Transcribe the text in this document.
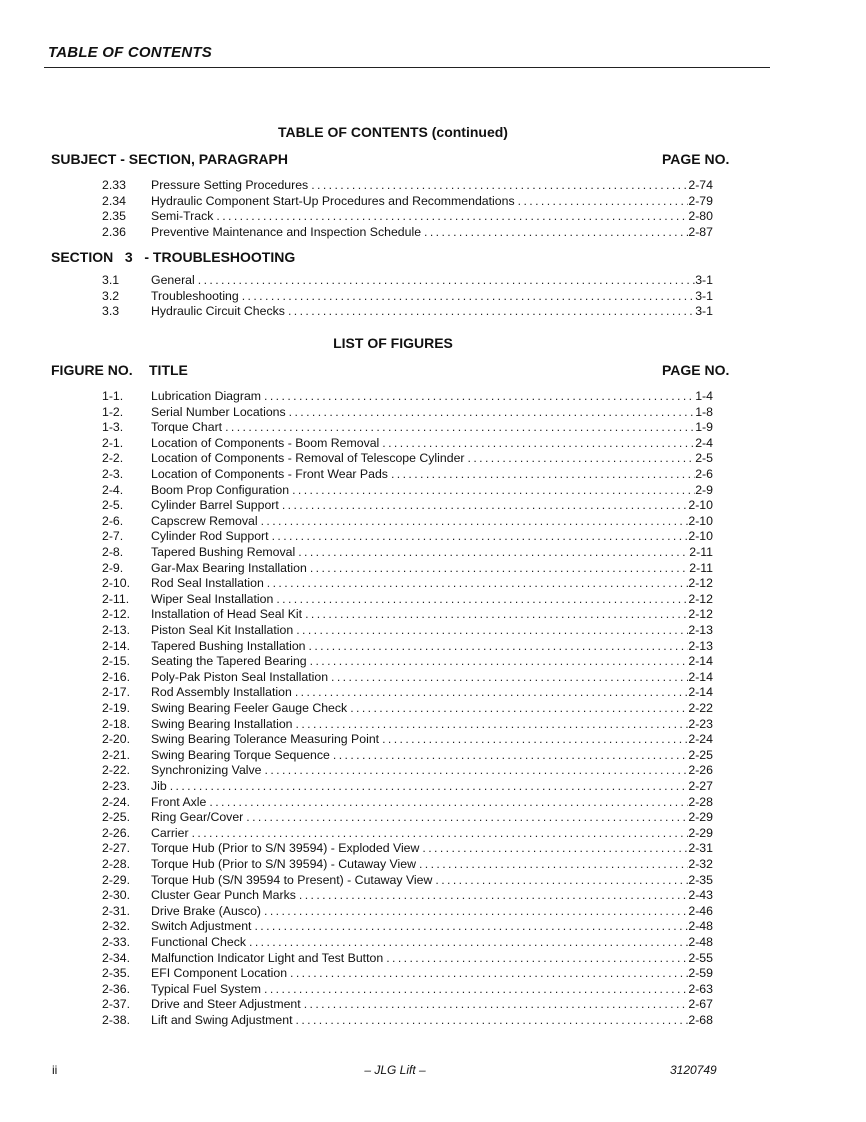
TABLE OF CONTENTS
TABLE OF CONTENTS (continued)
SUBJECT - SECTION, PARAGRAPH	PAGE NO.
2.33 Pressure Setting Procedures .....	2-74
2.34 Hydraulic Component Start-Up Procedures and Recommendations .....	2-79
2.35 Semi-Track .....	2-80
2.36 Preventive Maintenance and Inspection Schedule .....	2-87
SECTION   3   - TROUBLESHOOTING
3.1	General .....	3-1
3.2	Troubleshooting .....	3-1
3.3	Hydraulic Circuit Checks .....	3-1
LIST OF FIGURES
FIGURE NO. TITLE	PAGE NO.
1-1. Lubrication Diagram .....	1-4
1-2. Serial Number Locations .....	1-8
1-3. Torque Chart .....	1-9
2-1. Location of Components - Boom Removal .....	2-4
2-2. Location of Components - Removal of Telescope Cylinder .....	2-5
2-3. Location of Components - Front Wear Pads .....	2-6
2-4. Boom Prop Configuration .....	2-9
2-5. Cylinder Barrel Support .....	2-10
2-6. Capscrew Removal .....	2-10
2-7. Cylinder Rod Support .....	2-10
2-8. Tapered Bushing Removal .....	2-11
2-9. Gar-Max Bearing Installation .....	2-11
2-10. Rod Seal Installation .....	2-12
2-11. Wiper Seal Installation .....	2-12
2-12. Installation of Head Seal Kit .....	2-12
2-13. Piston Seal Kit Installation .....	2-13
2-14. Tapered Bushing Installation .....	2-13
2-15. Seating the Tapered Bearing .....	2-14
2-16. Poly-Pak Piston Seal Installation .....	2-14
2-17. Rod Assembly Installation .....	2-14
2-19. Swing Bearing Feeler Gauge Check .....	2-22
2-18. Swing Bearing Installation .....	2-23
2-20. Swing Bearing Tolerance Measuring Point .....	2-24
2-21. Swing Bearing Torque Sequence .....	2-25
2-22. Synchronizing Valve .....	2-26
2-23. Jib .....	2-27
2-24. Front Axle .....	2-28
2-25. Ring Gear/Cover .....	2-29
2-26. Carrier .....	2-29
2-27. Torque Hub (Prior to S/N 39594) - Exploded View .....	2-31
2-28. Torque Hub (Prior to S/N 39594) - Cutaway View .....	2-32
2-29. Torque Hub (S/N 39594 to Present) - Cutaway View .....	2-35
2-30. Cluster Gear Punch Marks .....	2-43
2-31. Drive Brake (Ausco) .....	2-46
2-32. Switch Adjustment .....	2-48
2-33. Functional Check .....	2-48
2-34. Malfunction Indicator Light and Test Button .....	2-55
2-35. EFI Component Location .....	2-59
2-36. Typical Fuel System .....	2-63
2-37. Drive and Steer Adjustment .....	2-67
2-38. Lift and Swing Adjustment .....	2-68
ii	– JLG Lift –	3120749
